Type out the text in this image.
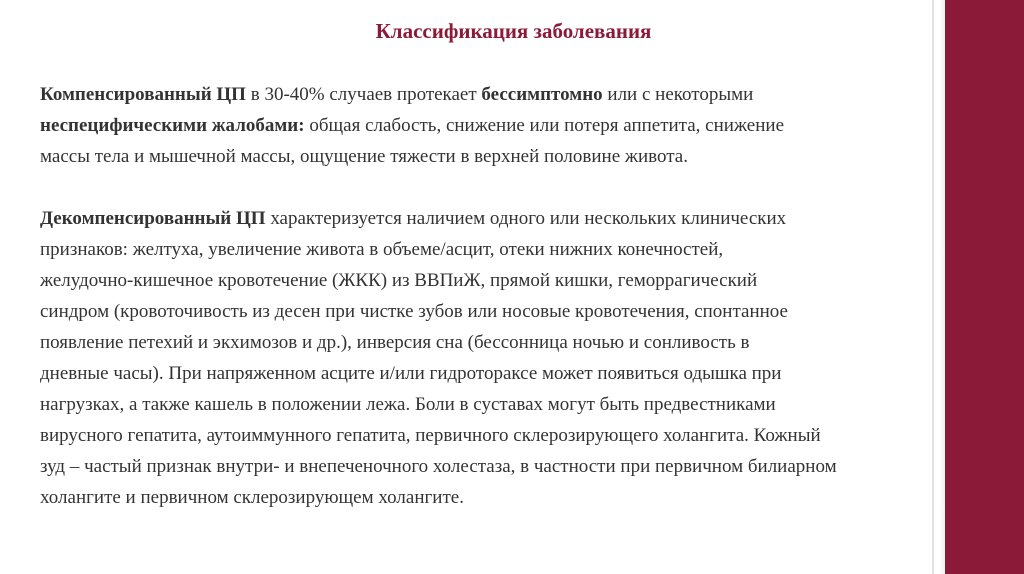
Классификация заболевания
Компенсированный ЦП в 30-40% случаев протекает бессимптомно или с некоторыми
неспецифическими жалобами: общая слабость, снижение или потеря аппетита, снижение
массы тела и мышечной массы, ощущение тяжести в верхней половине живота.
Декомпенсированный ЦП характеризуется наличием одного или нескольких клинических
признаков: желтуха, увеличение живота в объеме/асцит, отеки нижних конечностей,
желудочно-кишечное кровотечение (ЖКК) из ВВПиЖ, прямой кишки, геморрагический
синдром (кровоточивость из десен при чистке зубов или носовые кровотечения, спонтанное
появление петехий и экхимозов и др.), инверсия сна (бессонница ночью и сонливость в
дневные часы). При напряженном асците и/или гидротораксе может появиться одышка при
нагрузках, а также кашель в положении лежа. Боли в суставах могут быть предвестниками
вирусного гепатита, аутоиммунного гепатита, первичного склерозирующего холангита. Кожный
зуд – частый признак внутри- и внепеченочного холестаза, в частности при первичном билиарном
холангите и первичном склерозирующем холангите.
